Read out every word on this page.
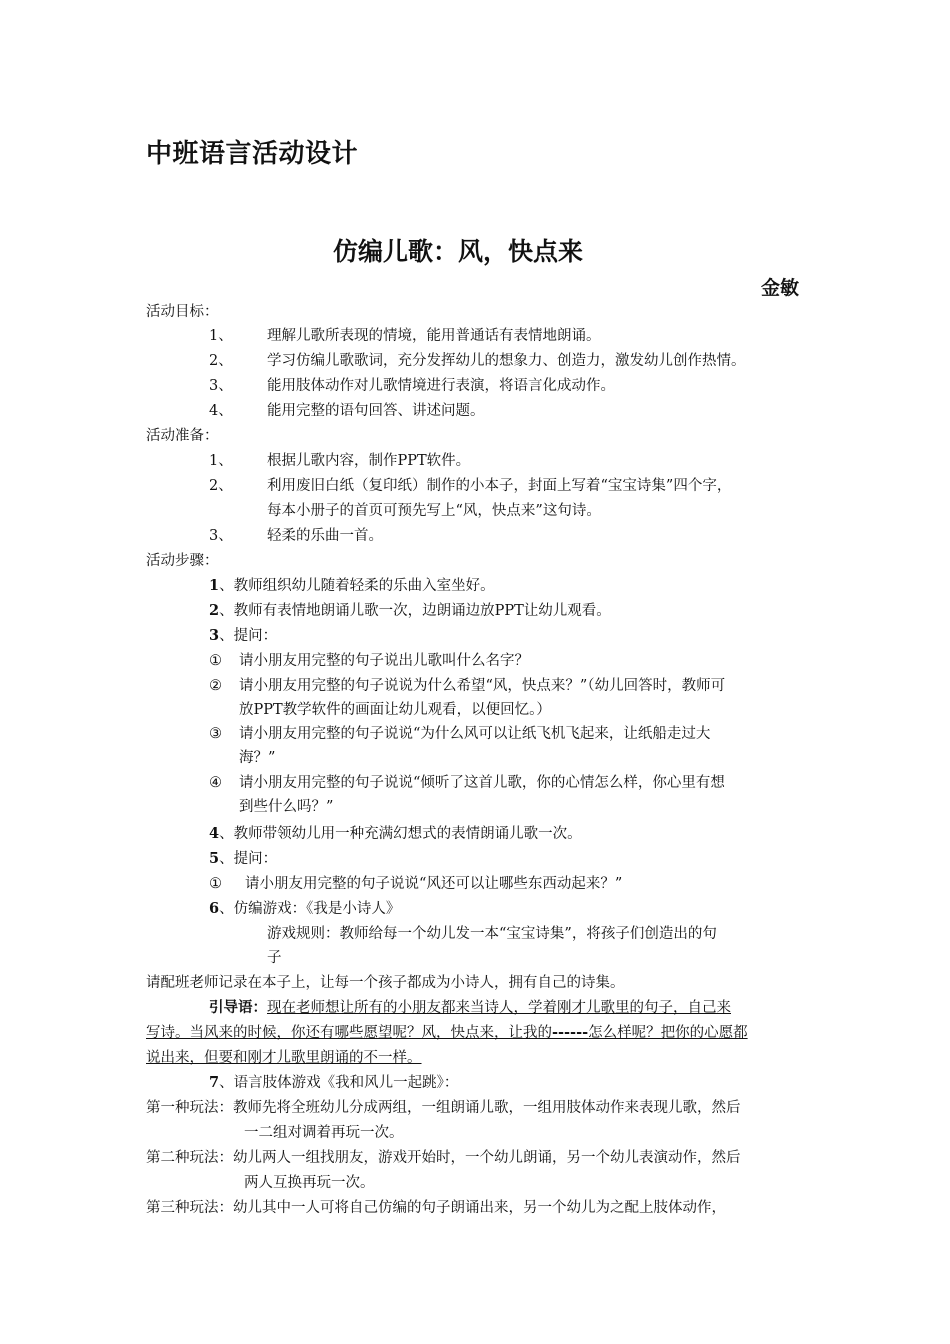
中班语言活动设计
仿编儿歌：风，快点来
金敏
活动目标：
1、 理解儿歌所表现的情境，能用普通话有表情地朗诵。
2、 学习仿编儿歌歌词，充分发挥幼儿的想象力、创造力，激发幼儿创作热情。
3、 能用肢体动作对儿歌情境进行表演，将语言化成动作。
4、 能用完整的语句回答、讲述问题。
活动准备：
1、 根据儿歌内容，制作PPT软件。
2、 利用废旧白纸（复印纸）制作的小本子，封面上写着“宝宝诗集”四个字，
每本小册子的首页可预先写上“风，快点来”这句诗。
3、 轻柔的乐曲一首。
活动步骤：
1、教师组织幼儿随着轻柔的乐曲入室坐好。
2、教师有表情地朗诵儿歌一次，边朗诵边放PPT让幼儿观看。
3、提问：
① 请小朋友用完整的句子说出儿歌叫什么名字？
② 请小朋友用完整的句子说说为什么希望“风，快点来？”（幼儿回答时，教师可
放PPT教学软件的画面让幼儿观看，以便回忆。）
③ 请小朋友用完整的句子说说“为什么风可以让纸飞机飞起来，让纸船走过大
海？”
④ 请小朋友用完整的句子说说“倾听了这首儿歌，你的心情怎么样，你心里有想
到些什么吗？”
4、教师带领幼儿用一种充满幻想式的表情朗诵儿歌一次。
5、提问：
① 请小朋友用完整的句子说说“风还可以让哪些东西动起来？”
6、仿编游戏：《我是小诗人》
游戏规则：教师给每一个幼儿发一本“宝宝诗集”，将孩子们创造出的句
子
请配班老师记录在本子上，让每一个孩子都成为小诗人，拥有自己的诗集。
引导语：现在老师想让所有的小朋友都来当诗人，学着刚才儿歌里的句子，自己来
写诗。当风来的时候，你还有哪些愿望呢？风，快点来，让我的------怎么样呢？把你的心愿都
说出来，但要和刚才儿歌里朗诵的不一样。
7、语言肢体游戏《我和风儿一起跳》：
第一种玩法：教师先将全班幼儿分成两组，一组朗诵儿歌，一组用肢体动作来表现儿歌，然后
一二组对调着再玩一次。
第二种玩法：幼儿两人一组找朋友，游戏开始时，一个幼儿朗诵，另一个幼儿表演动作，然后
两人互换再玩一次。
第三种玩法：幼儿其中一人可将自己仿编的句子朗诵出来，另一个幼儿为之配上肢体动作，
